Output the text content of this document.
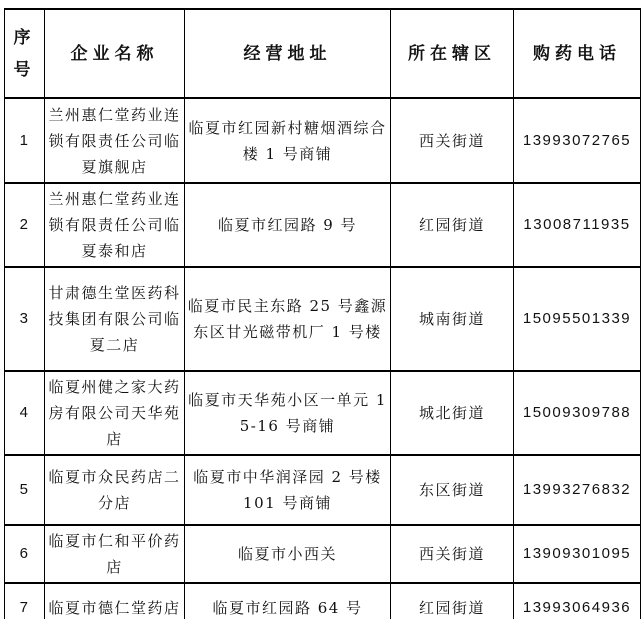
序号	企业名称	经营地址	所在辖区	购药电话
1	兰州惠仁堂药业连锁有限责任公司临夏旗舰店	临夏市红园新村糖烟酒综合楼 1 号商铺	西关街道	13993072765
2	兰州惠仁堂药业连锁有限责任公司临夏泰和店	临夏市红园路 9 号	红园街道	13008711935
3	甘肃德生堂医药科技集团有限公司临夏二店	临夏市民主东路 25 号鑫源东区甘光磁带机厂 1 号楼	城南街道	15095501339
4	临夏州健之家大药房有限公司天华苑店	临夏市天华苑小区一单元 15-16 号商铺	城北街道	15009309788
5	临夏市众民药店二分店	临夏市中华润泽园 2 号楼 101 号商铺	东区街道	13993276832
6	临夏市仁和平价药店	临夏市小西关	西关街道	13909301095
7	临夏市德仁堂药店	临夏市红园路 64 号	红园街道	13993064936
